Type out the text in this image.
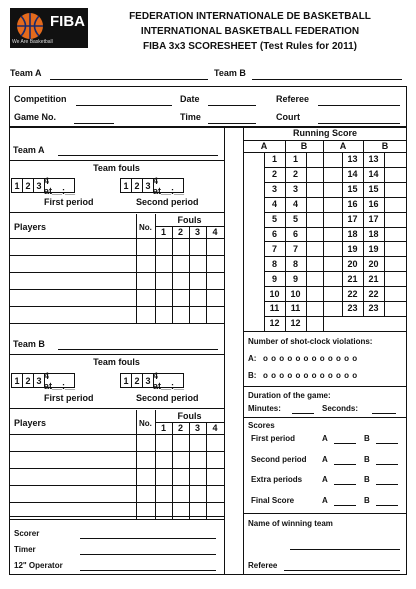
FIBA
We Are Basketball
FEDERATION INTERNATIONALE DE BASKETBALL
INTERNATIONAL BASKETBALL FEDERATION
FIBA 3x3 SCORESHEET (Test Rules for 2011)
Team A	Team B
Competition	Date	Referee
Game No.	Time	Court
Team A
Team fouls
1 2 3 4 at__:__	1 2 3 4 at__:__
First period	Second period
Players	No.
Fouls
1	2	3	4
Team B
Team fouls
1 2 3 4 at__:__	1 2 3 4 at__:__
First period	Second period
Players	No.
Fouls
1	2	3	4
Scorer
Timer
12" Operator
Running Score
A	B	A	B
1	1	13	13
2	2	14	14
3	3	15	15
4	4	16	16
5	5	17	17
6	6	18	18
7	7	19	19
8	8	20	20
9	9	21	21
10	10	22	22
11	11	23	23
12	12
Number of shot-clock violations:
A: o o o o o o o o o o o o
B: o o o o o o o o o o o o
Duration of the game:
Minutes:	Seconds:
Scores
First period	A	B
Second period A	B
Extra periods A	B
Final Score	A	B
Name of winning team
Referee
